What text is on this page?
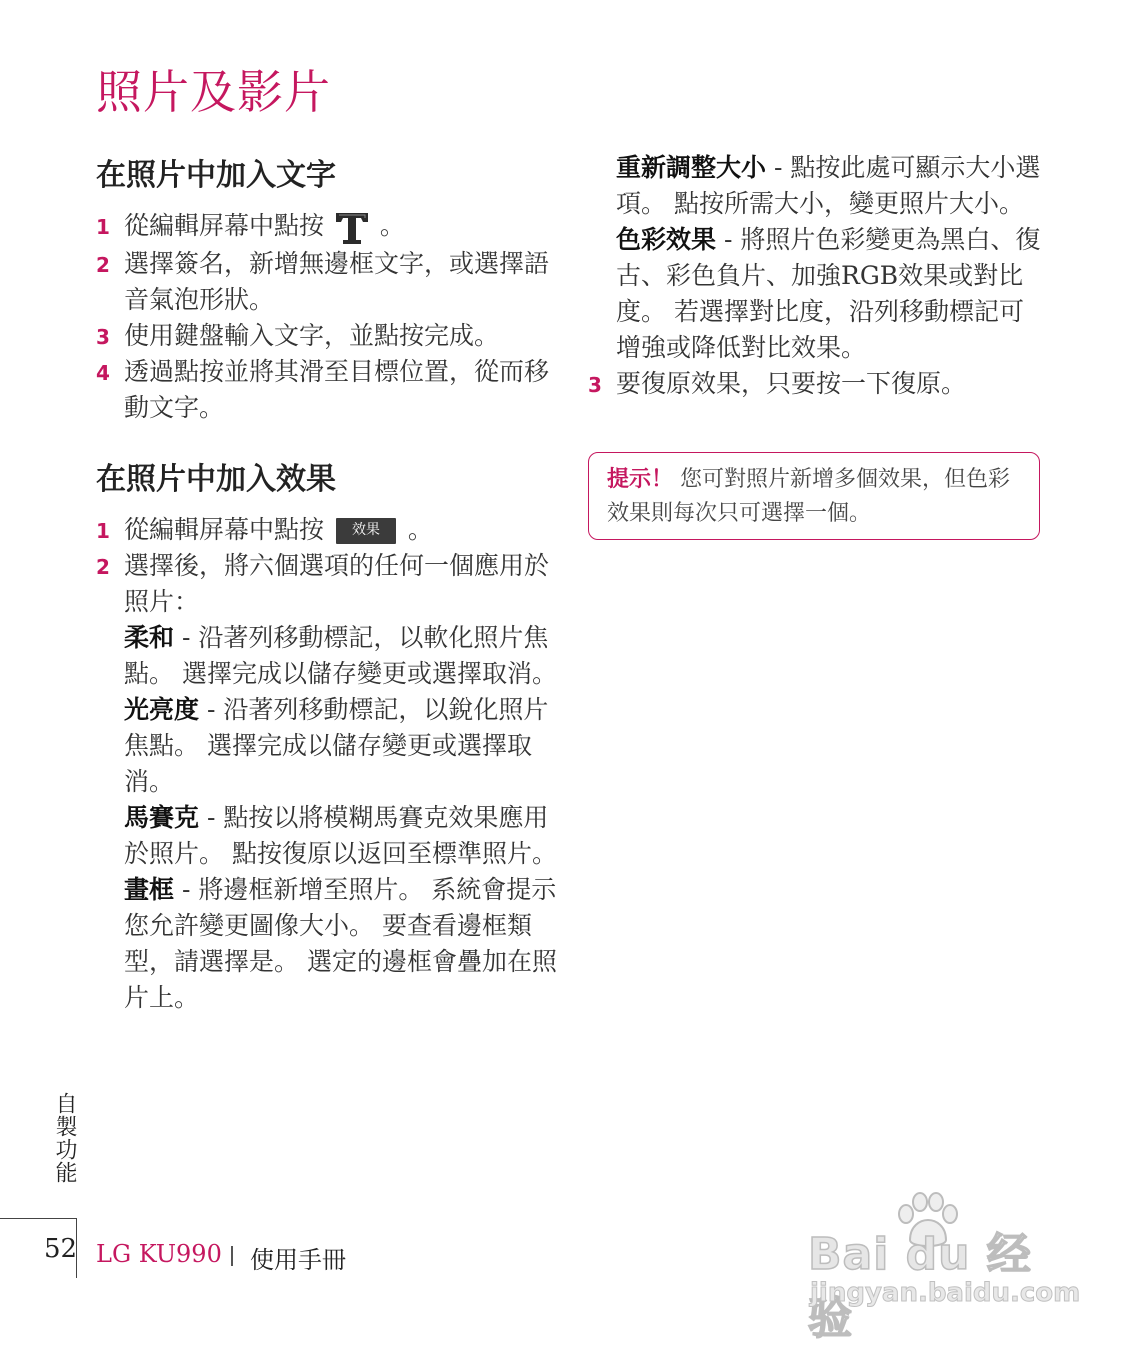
照片及影片
在照片中加入文字
1 從編輯屏幕中點按 。
2 選擇簽名，新增無邊框文字，或選擇語音氣泡形狀。
3 使用鍵盤輸入文字，並點按完成。
4 透過點按並將其滑至目標位置，從而移動文字。
在照片中加入效果
1 從編輯屏幕中點按 效果 。
2 選擇後，將六個選項的任何一個應用於照片：
柔和 - 沿著列移動標記，以軟化照片焦點。 選擇完成以儲存變更或選擇取消。
光亮度 - 沿著列移動標記，以銳化照片焦點。 選擇完成以儲存變更或選擇取消。
馬賽克 - 點按以將模糊馬賽克效果應用於照片。 點按復原以返回至標準照片。
畫框 - 將邊框新增至照片。 系統會提示您允許變更圖像大小。 要查看邊框類型，請選擇是。 選定的邊框會疊加在照片上。
重新調整大小 - 點按此處可顯示大小選項。 點按所需大小，變更照片大小。
色彩效果 - 將照片色彩變更為黑白、復古、彩色負片、加強RGB效果或對比度。 若選擇對比度，沿列移動標記可增強或降低對比效果。
3 要復原效果，只要按一下復原。
提示！ 您可對照片新增多個效果，但色彩效果則每次只可選擇一個。
自製功能
52 LG KU990 使用手冊	Bai du 经验
jingyan.baidu.com
